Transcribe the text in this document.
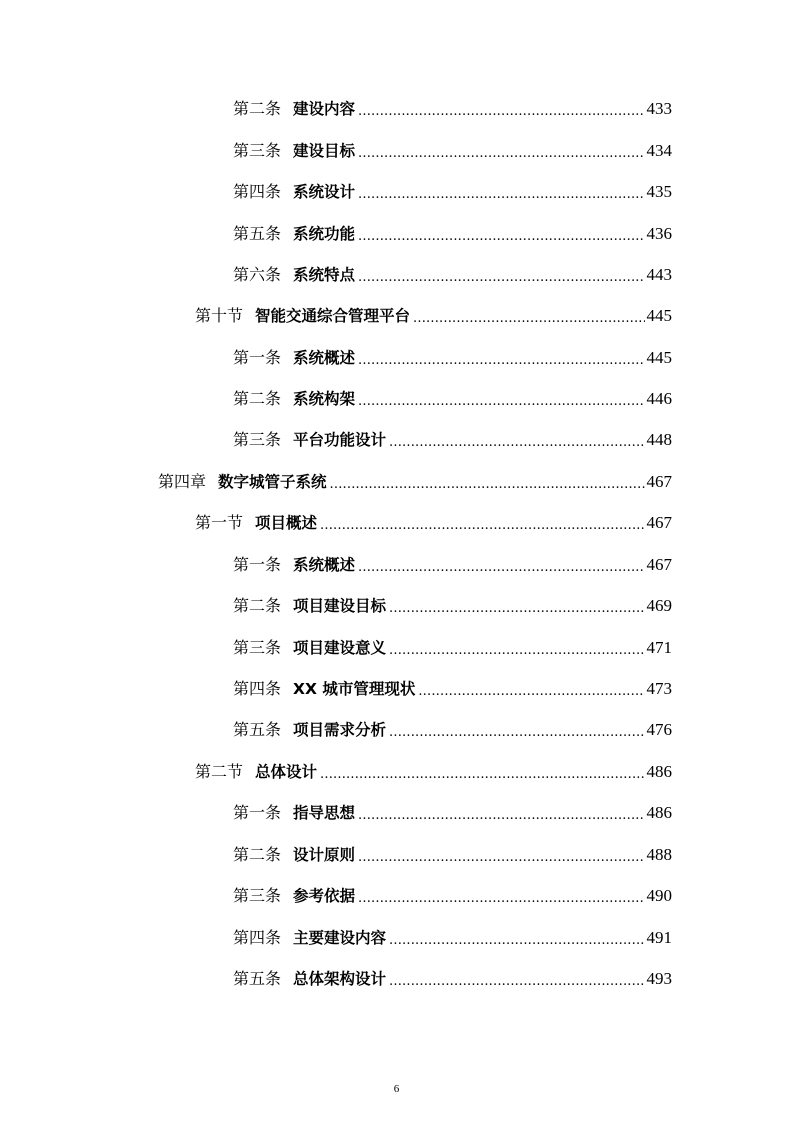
第二条 建设内容 .....	433
第三条 建设目标 .....	434
第四条 系统设计 .....	435
第五条 系统功能 .....	436
第六条 系统特点 .....	443
第十节 智能交通综合管理平台 .....	445
第一条 系统概述 .....	445
第二条 系统构架 .....	446
第三条 平台功能设计 .....	448
第四章 数字城管子系统 .....	467
第一节 项目概述 .....	467
第一条 系统概述 .....	467
第二条 项目建设目标 .....	469
第三条 项目建设意义 .....	471
第四条 XX 城市管理现状 .....	473
第五条 项目需求分析 .....	476
第二节 总体设计 .....	486
第一条 指导思想 .....	486
第二条 设计原则 .....	488
第三条 参考依据 .....	490
第四条 主要建设内容 .....	491
第五条 总体架构设计 .....	493
6
